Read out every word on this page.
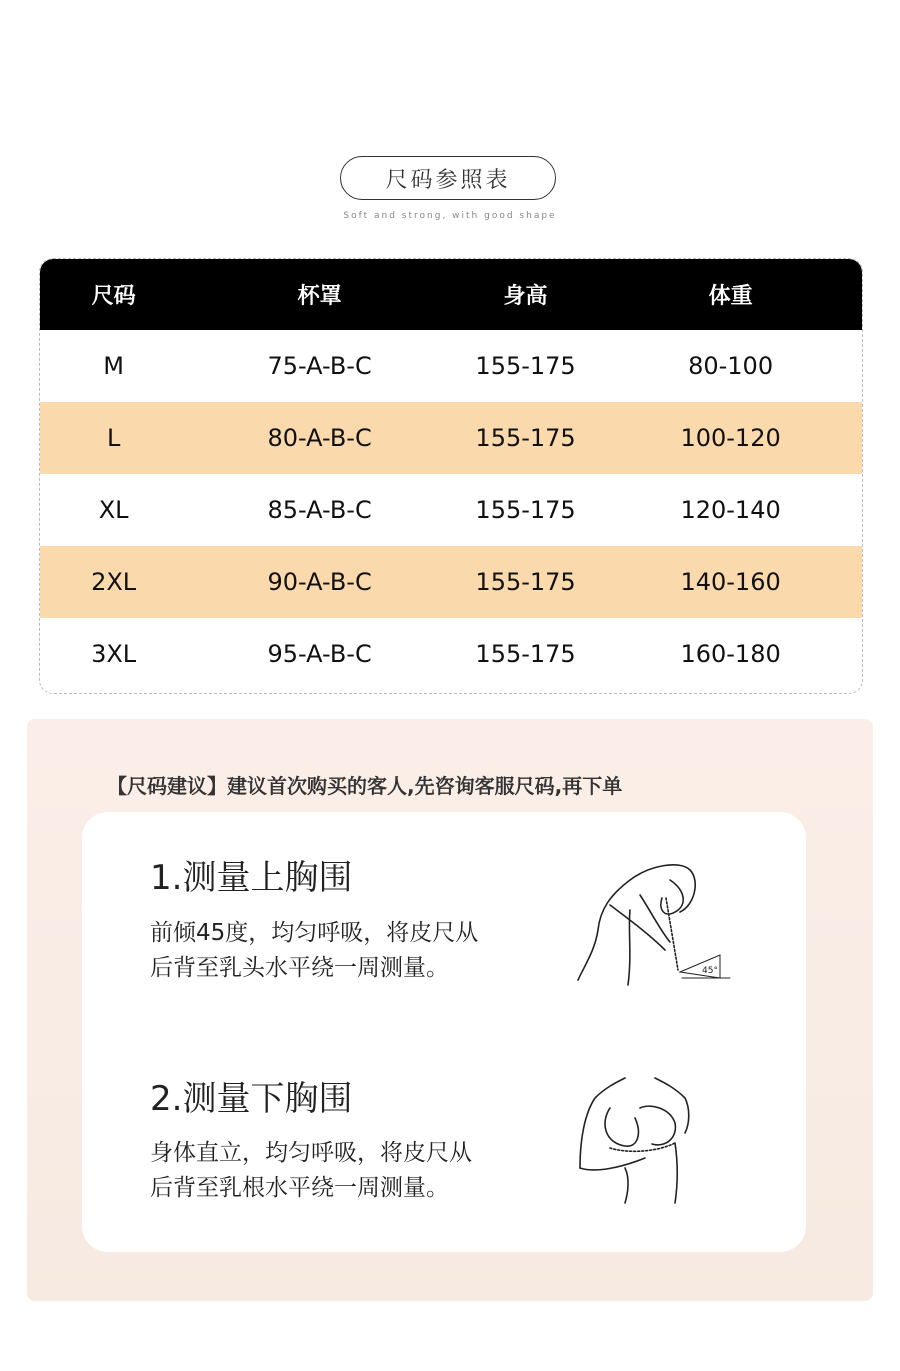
尺码参照表
Soft and strong, with good shape
尺码	杯罩	身高	体重
M	75-A-B-C	155-175	80-100
L	80-A-B-C	155-175	100-120
XL	85-A-B-C	155-175	120-140
2XL	90-A-B-C	155-175	140-160
3XL	95-A-B-C	155-175	160-180
【尺码建议】建议首次购买的客人,先咨询客服尺码,再下单
1.测量上胸围
前倾45度，均匀呼吸，将皮尺从后背至乳头水平绕一周测量。	45°
2.测量下胸围
身体直立，均匀呼吸，将皮尺从后背至乳根水平绕一周测量。
